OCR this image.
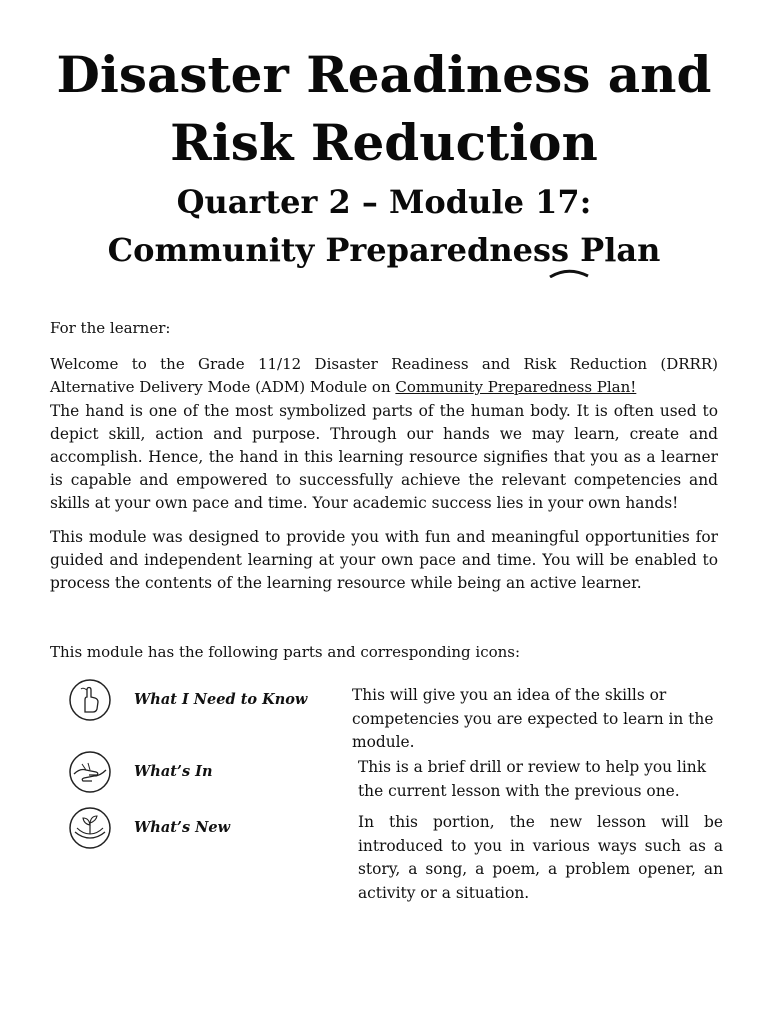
Disaster Readiness and
Risk Reduction
Quarter 2 – Module 17:
Community Preparedness Plan

For the learner:

Welcome to the Grade 11/12 Disaster Readiness and Risk Reduction (DRRR) Alternative Delivery Mode (ADM) Module on Community Preparedness Plan!

The hand is one of the most symbolized parts of the human body. It is often used to depict skill, action and purpose. Through our hands we may learn, create and accomplish. Hence, the hand in this learning resource signifies that you as a learner is capable and empowered to successfully achieve the relevant competencies and skills at your own pace and time. Your academic success lies in your own hands!

This module was designed to provide you with fun and meaningful opportunities for guided and independent learning at your own pace and time. You will be enabled to process the contents of the learning resource while being an active learner.

This module has the following parts and corresponding icons:

What I Need to Know	This will give you an idea of the skills or competencies you are expected to learn in the module.

What’s In	This is a brief drill or review to help you link the current lesson with the previous one.

What’s New	In this portion, the new lesson will be introduced to you in various ways such as a story, a song, a poem, a problem opener, an activity or a situation.
